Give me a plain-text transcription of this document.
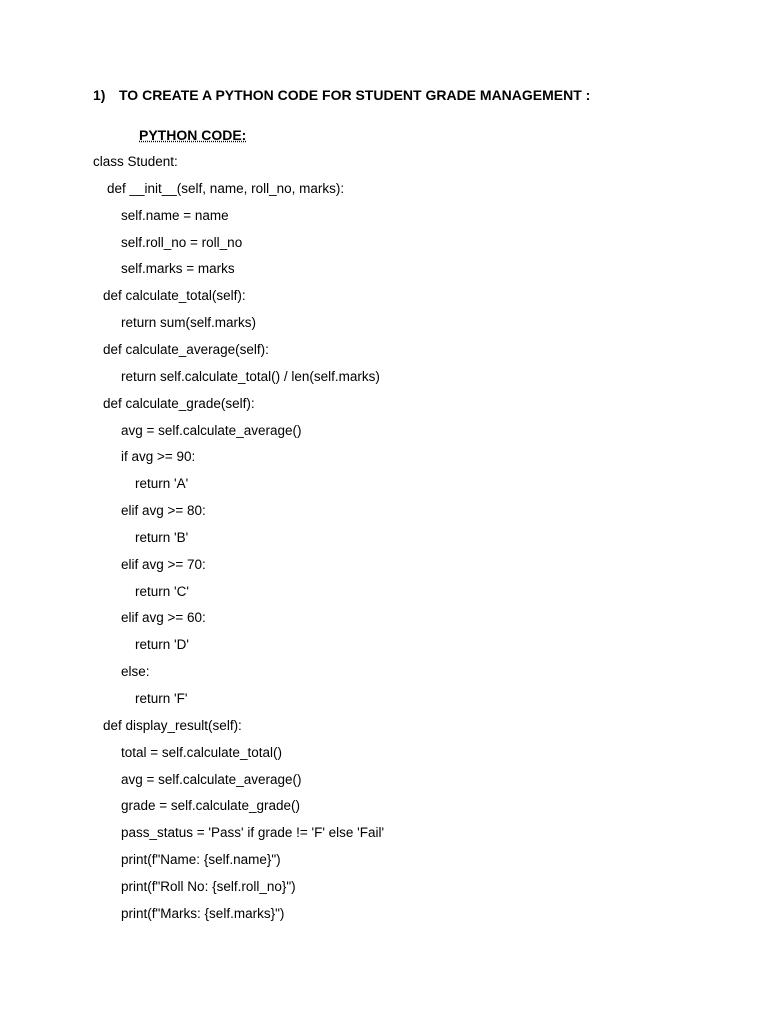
1) TO CREATE A PYTHON CODE FOR STUDENT GRADE MANAGEMENT :
PYTHON CODE:
class Student:
def __init__(self, name, roll_no, marks):
self.name = name
self.roll_no = roll_no
self.marks = marks
def calculate_total(self):
return sum(self.marks)
def calculate_average(self):
return self.calculate_total() / len(self.marks)
def calculate_grade(self):
avg = self.calculate_average()
if avg >= 90:
return 'A'
elif avg >= 80:
return 'B'
elif avg >= 70:
return 'C'
elif avg >= 60:
return 'D'
else:
return 'F'
def display_result(self):
total = self.calculate_total()
avg = self.calculate_average()
grade = self.calculate_grade()
pass_status = 'Pass' if grade != 'F' else 'Fail'
print(f"Name: {self.name}")
print(f"Roll No: {self.roll_no}")
print(f"Marks: {self.marks}")
